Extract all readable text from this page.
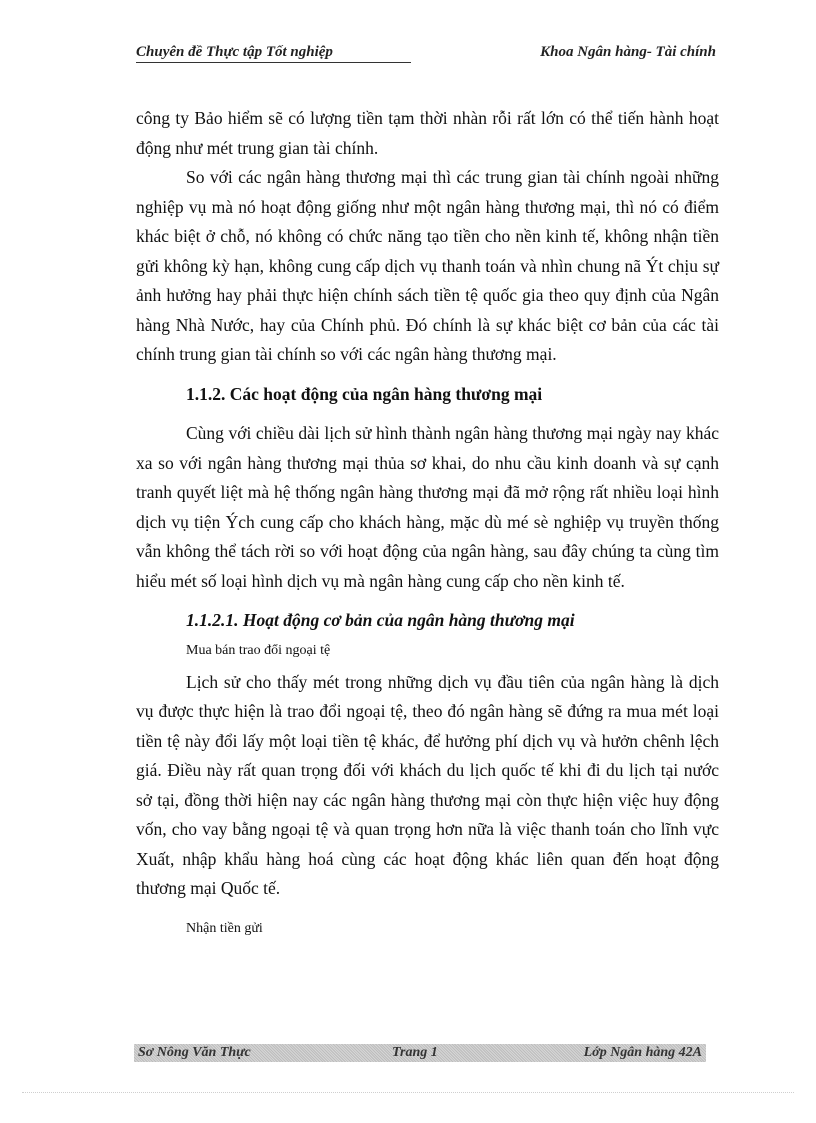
Chuyên đề Thực tập Tốt nghiệp	Khoa Ngân hàng- Tài chính

công ty Bảo hiểm sẽ có lượng tiền tạm thời nhàn rỗi rất lớn có thể tiến hành hoạt động như mét trung gian tài chính.

So với các ngân hàng thương mại thì các trung gian tài chính ngoài những nghiệp vụ mà nó hoạt động giống như một ngân hàng thương mại, thì nó có điểm khác biệt ở chỗ, nó không có chức năng tạo tiền cho nền kinh tế, không nhận tiền gửi không kỳ hạn, không cung cấp dịch vụ thanh toán và nhìn chung nã Ýt chịu sự ảnh hưởng hay phải thực hiện chính sách tiền tệ quốc gia theo quy định của Ngân hàng Nhà Nước, hay của Chính phủ. Đó chính là sự khác biệt cơ bản của các tài chính trung gian tài chính so với các ngân hàng thương mại.

1.1.2. Các hoạt động của ngân hàng thương mại

Cùng với chiều dài lịch sử hình thành ngân hàng thương mại ngày nay khác xa so với ngân hàng thương mại thủa sơ khai, do nhu cầu kinh doanh và sự cạnh tranh quyết liệt mà hệ thống ngân hàng thương mại đã mở rộng rất nhiều loại hình dịch vụ tiện Ých cung cấp cho khách hàng, mặc dù mé sè nghiệp vụ truyền thống vẫn không thể tách rời so với hoạt động của ngân hàng, sau đây chúng ta cùng tìm hiểu mét số loại hình dịch vụ mà ngân hàng cung cấp cho nền kinh tế.

1.1.2.1. Hoạt động cơ bản của ngân hàng thương mại

Mua bán trao đổi ngoại tệ

Lịch sử cho thấy mét trong những dịch vụ đầu tiên của ngân hàng là dịch vụ được thực hiện là trao đổi ngoại tệ, theo đó ngân hàng sẽ đứng ra mua mét loại tiền tệ này đổi lấy một loại tiền tệ khác, để hưởng phí dịch vụ và hưởn chênh lệch giá. Điều này rất quan trọng đối với khách du lịch quốc tế khi đi du lịch tại nước sở tại, đồng thời hiện nay các ngân hàng thương mại còn thực hiện việc huy động vốn, cho vay bằng ngoại tệ và quan trọng hơn nữa là việc thanh toán cho lĩnh vực Xuất, nhập khẩu hàng hoá cùng các hoạt động khác liên quan đến hoạt động thương mại Quốc tế.

Nhận tiền gửi

Sơ Nông Văn Thực	Trang 1	Lớp Ngân hàng 42A
